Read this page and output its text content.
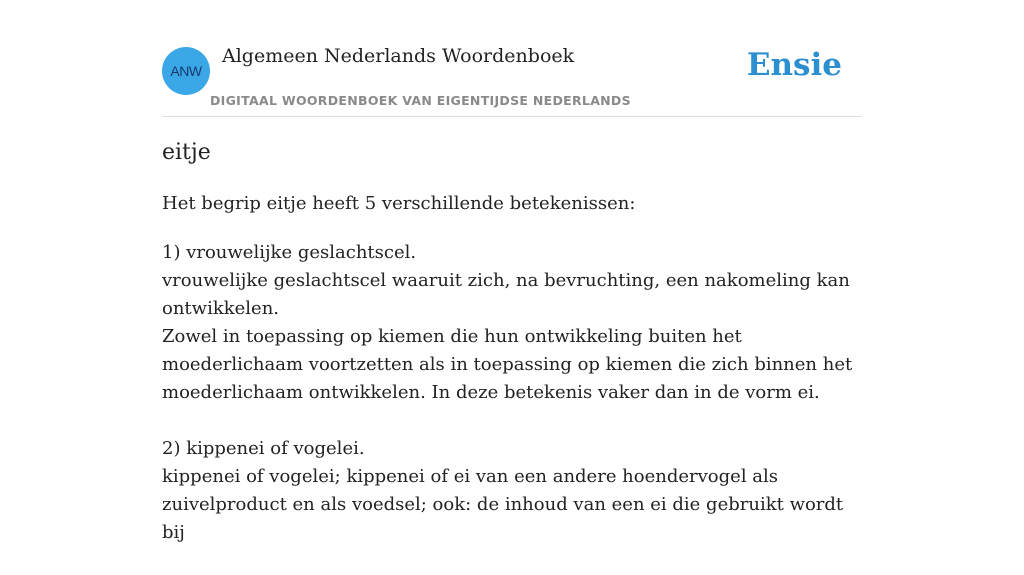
ANW
Algemeen Nederlands Woordenboek
DIGITAAL WOORDENBOEK VAN EIGENTIJDSE NEDERLANDS
Ensie
eitje

Het begrip eitje heeft 5 verschillende betekenissen:

1) vrouwelijke geslachtscel.
vrouwelijke geslachtscel waaruit zich, na bevruchting, een nakomeling kan ontwikkelen.
Zowel in toepassing op kiemen die hun ontwikkeling buiten het moederlichaam voortzetten als in toepassing op kiemen die zich binnen het moederlichaam ontwikkelen. In deze betekenis vaker dan in de vorm ei.
2) kippenei of vogelei.
kippenei of vogelei; kippenei of ei van een andere hoendervogel als zuivelproduct en als voedsel; ook: de inhoud van een ei die gebruikt wordt bij
